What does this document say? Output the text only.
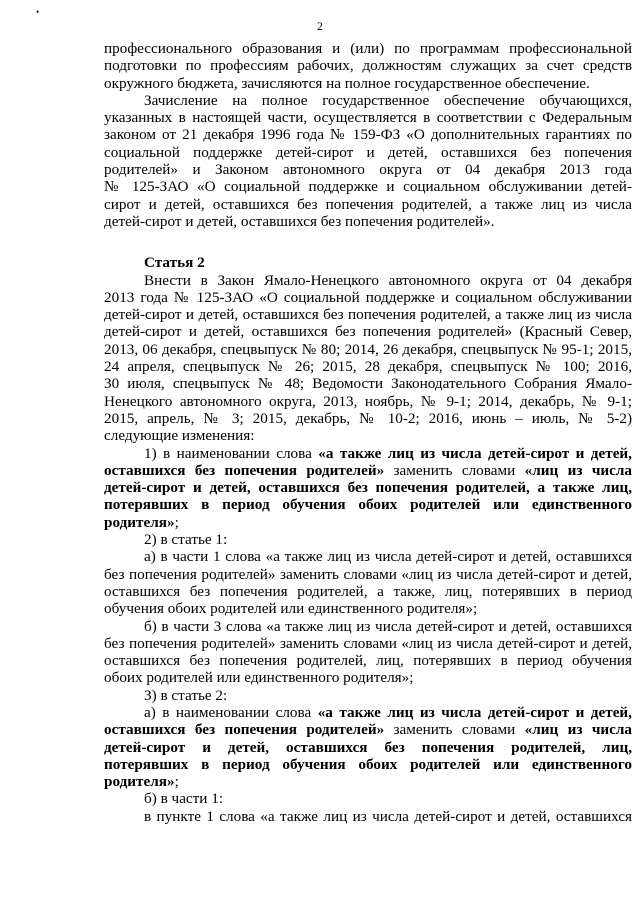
•
2
профессионального образования и (или) по программам профессиональной
подготовки по профессиям рабочих, должностям служащих за счет средств
окружного бюджета, зачисляются на полное государственное обеспечение.
Зачисление на полное государственное обеспечение обучающихся,
указанных в настоящей части, осуществляется в соответствии с Федеральным
законом от 21 декабря 1996 года № 159-ФЗ «О дополнительных гарантиях по
социальной поддержке детей-сирот и детей, оставшихся без попечения
родителей» и Законом автономного округа от 04 декабря 2013 года
№ 125-ЗАО «О социальной поддержке и социальном обслуживании детей-
сирот и детей, оставшихся без попечения родителей, а также лиц из числа
детей-сирот и детей, оставшихся без попечения родителей».
Статья 2
Внести в Закон Ямало-Ненецкого автономного округа от 04 декабря
2013 года № 125-ЗАО «О социальной поддержке и социальном обслуживании
детей-сирот и детей, оставшихся без попечения родителей, а также лиц из числа
детей-сирот и детей, оставшихся без попечения родителей» (Красный Север,
2013, 06 декабря, спецвыпуск № 80; 2014, 26 декабря, спецвыпуск № 95-1; 2015,
24 апреля, спецвыпуск № 26; 2015, 28 декабря, спецвыпуск № 100; 2016,
30 июля, спецвыпуск № 48; Ведомости Законодательного Собрания Ямало-
Ненецкого автономного округа, 2013, ноябрь, № 9-1; 2014, декабрь, № 9-1;
2015, апрель, № 3; 2015, декабрь, № 10-2; 2016, июнь – июль, № 5-2)
следующие изменения:
1) в наименовании слова «а также лиц из числа детей-сирот и детей,
оставшихся без попечения родителей» заменить словами «лиц из числа
детей-сирот и детей, оставшихся без попечения родителей, а также лиц,
потерявших в период обучения обоих родителей или единственного
родителя»;
2) в статье 1:
а) в части 1 слова «а также лиц из числа детей-сирот и детей, оставшихся
без попечения родителей» заменить словами «лиц из числа детей-сирот и детей,
оставшихся без попечения родителей, а также, лиц, потерявших в период
обучения обоих родителей или единственного родителя»;
б) в части 3 слова «а также лиц из числа детей-сирот и детей, оставшихся
без попечения родителей» заменить словами «лиц из числа детей-сирот и детей,
оставшихся без попечения родителей, лиц, потерявших в период обучения
обоих родителей или единственного родителя»;
3) в статье 2:
а) в наименовании слова «а также лиц из числа детей-сирот и детей,
оставшихся без попечения родителей» заменить словами «лиц из числа
детей-сирот и детей, оставшихся без попечения родителей, лиц,
потерявших в период обучения обоих родителей или единственного
родителя»;
б) в части 1:
в пункте 1 слова «а также лиц из числа детей-сирот и детей, оставшихся
